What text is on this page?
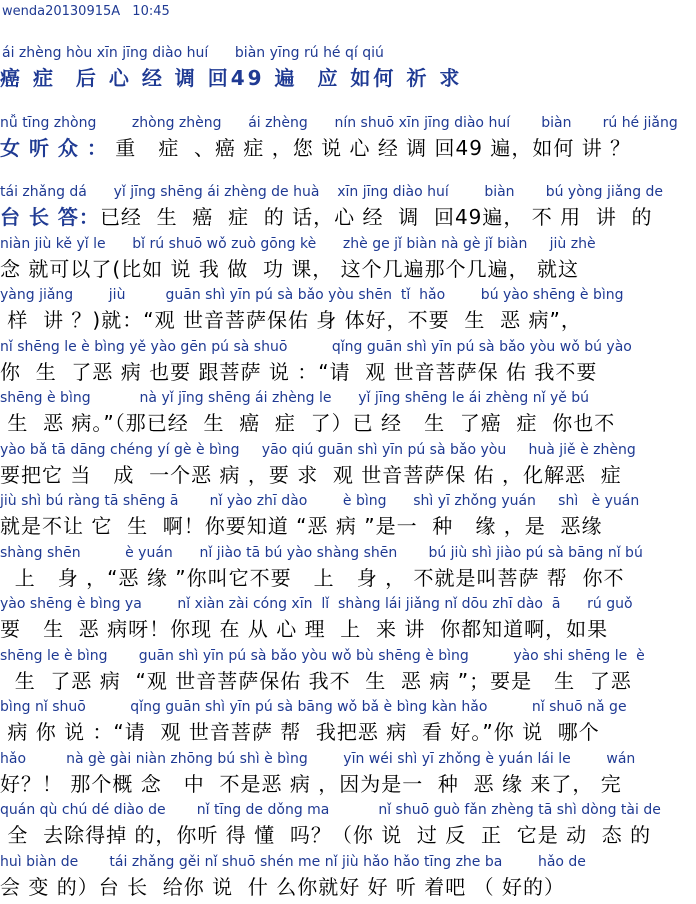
wenda20130915A 10:45
ái zhèng hòu xīn jīng diào huí      biàn yīng rú hé qí qiú
癌 症  后 心 经 调 回49 遍  应 如何 祈 求
nǚ tīng zhòng        zhòng zhèng      ái zhèng      nín shuō xīn jīng diào huí       biàn       rú hé jiǎng
女 听 众 ： 重   症  、癌 症 ，您 说 心 经 调 回49 遍，如何 讲 ？
tái zhǎng dá      yǐ jīng shēng ái zhèng de huà    xīn jīng diào huí        biàn       bú yòng jiǎng de
台 长 答：已经  生  癌  症  的 话，心 经  调  回49遍， 不 用  讲  的
niàn jiù kě yǐ le      bǐ rú shuō wǒ zuò gōng kè      zhè ge jǐ biàn nà gè jǐ biàn     jiù zhè
念 就可以了(比如 说 我 做  功 课， 这个几遍那个几遍， 就这
yàng jiǎng        jiù         guān shì yīn pú sà bǎo yòu shēn  tǐ  hǎo        bú yào shēng è bìng
样  讲 ？)就：“观 世音菩萨保佑 身 体好，不要  生  恶 病”，
nǐ shēng le è bìng yě yào gēn pú sà shuō          qǐng guān shì yīn pú sà bǎo yòu wǒ bú yào
你  生  了恶 病 也要 跟菩萨 说 ：“请  观 世音菩萨保 佑 我不要
shēng è bìng           nà yǐ jīng shēng ái zhèng le      yǐ jīng shēng le ái zhèng nǐ yě bú
生  恶 病。”（那已经  生  癌  症  了）已 经   生  了癌  症  你也不
yào bǎ tā dāng chéng yí gè è bìng     yāo qiú guān shì yīn pú sà bǎo yòu     huà jiě è zhèng
要把它 当   成  一个恶 病 ，要 求  观 世音菩萨保 佑 ，化解恶  症
jiù shì bú ràng tā shēng ā       nǐ yào zhī dào        è bìng      shì yī zhǒng yuán     shì   è yuán
就是不让 它  生  啊！你要知道 “恶 病 ”是一  种   缘 ，是  恶缘
shàng shēn          è yuán      nǐ jiào tā bú yào shàng shēn       bú jiù shì jiào pú sà bāng nǐ bú
上   身 ，“恶 缘 ”你叫它不要   上   身 ， 不就是叫菩萨 帮  你不
yào shēng è bìng ya        nǐ xiàn zài cóng xīn  lǐ  shàng lái jiǎng nǐ dōu zhī dào  ā      rú guǒ
要   生  恶 病呀！你现 在 从 心 理  上  来 讲  你都知道啊，如果
shēng le è bìng       guān shì yīn pú sà bǎo yòu wǒ bù shēng è bìng          yào shi shēng le  è
生  了恶 病  “观 世音菩萨保佑 我不  生  恶 病 ”；要是   生  了恶
bìng nǐ shuō          qǐng guān shì yīn pú sà bāng wǒ bǎ è bìng kàn hǎo          nǐ shuō nǎ ge
病 你 说 ：“请  观 世音菩萨 帮  我把恶 病  看 好。”你 说  哪个
hǎo         nà gè gài niàn zhōng bú shì è bìng        yīn wéi shì yī zhǒng è yuán lái le        wán
好？！ 那个概 念   中  不是恶 病 ，因为是一  种  恶 缘 来了， 完
quán qù chú dé diào de       nǐ tīng de dǒng ma           nǐ shuō guò fǎn zhèng tā shì dòng tài de
全  去除得掉 的，你听 得 懂  吗？（你 说  过 反  正  它是 动  态 的
huì biàn de       tái zhǎng gěi nǐ shuō shén me nǐ jiù hǎo hǎo tīng zhe ba        hǎo de
会 变 的）台 长  给你 说  什 么你就好 好 听 着吧 （ 好的）
